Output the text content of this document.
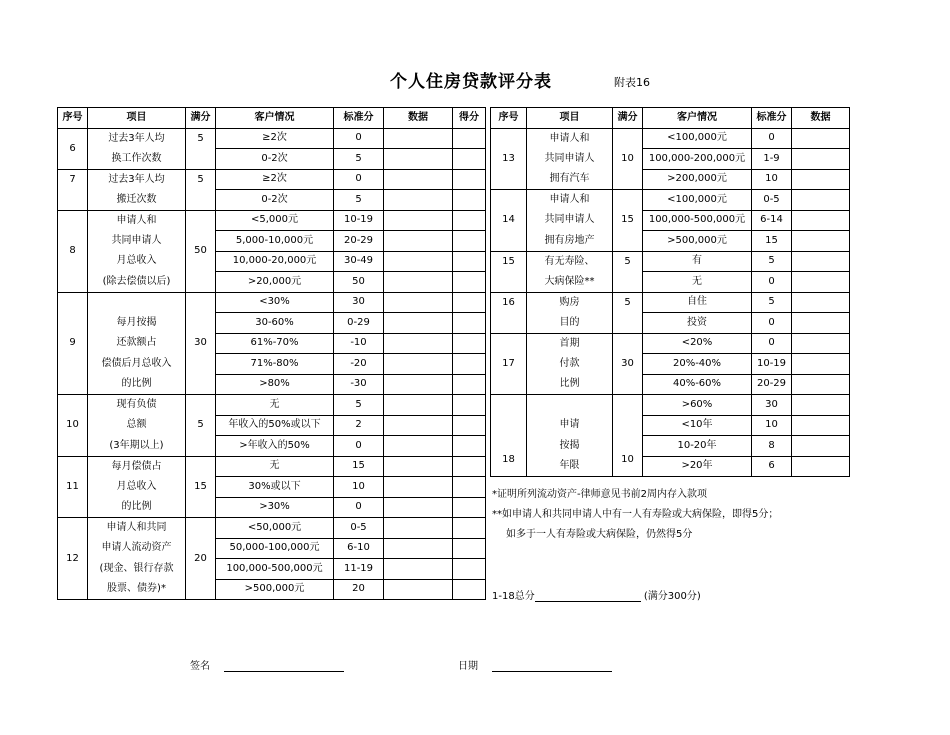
个人住房贷款评分表	附表16
序号	项目	满分	客户情况	标准分	数据	得分
6	过去3年人均	5	≥2次	0		
	换工作次数		0-2次	5		
7	过去3年人均	5	≥2次	0		
	搬迁次数		0-2次	5		
8	申请人和	50	<5,000元	10-19		
	共同申请人		5,000-10,000元	20-29		
	月总收入		10,000-20,000元	30-49		
	(除去偿债以后)		>20,000元	50		
9		30	<30%	30		
	每月按揭		30-60%	0-29		
	还款额占		61%-70%	-10		
	偿债后月总收入		71%-80%	-20		
	的比例		>80%	-30		
10	现有负债	5	无	5		
	总额		年收入的50%或以下	2		
	(3年期以上)		>年收入的50%	0		
11	每月偿债占	15	无	15		
	月总收入		30%或以下	10		
	的比例		>30%	0		
12	申请人和共同	20	<50,000元	0-5		
	申请人流动资产		50,000-100,000元	6-10		
	(现金、银行存款		100,000-500,000元	11-19		
	股票、债券)*		>500,000元	20		
序号	项目	满分	客户情况	标准分	数据
13	申请人和	10	<100,000元	0	
	共同申请人		100,000-200,000元	1-9	
	拥有汽车		>200,000元	10	
14	申请人和	15	<100,000元	0-5	
	共同申请人		100,000-500,000元	6-14	
	拥有房地产		>500,000元	15	
15	有无寿险、	5	有	5	
	大病保险**		无	0	
16	购房	5	自住	5	
	目的		投资	0	
17	首期	30	<20%	0	
	付款		20%-40%	10-19	
	比例		40%-60%	20-29	
18		10	>60%	30	
	申请		<10年	10	
	按揭		10-20年	8	
	年限		>20年	6	
*证明所列流动资产-律师意见书前2周内存入款项
**如申请人和共同申请人中有一人有寿险或大病保险，即得5分；
如多于一人有寿险或大病保险，仍然得5分
1-18总分	(满分300分)
签名	日期
